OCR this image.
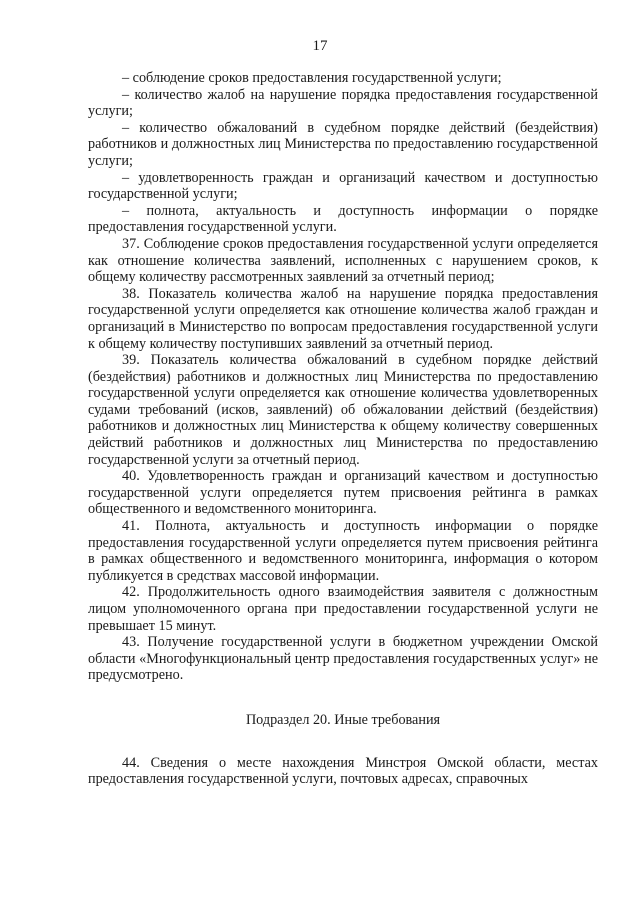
17

– соблюдение сроков предоставления государственной услуги;

– количество жалоб на нарушение порядка предоставления государственной услуги;

– количество обжалований в судебном порядке действий (бездействия) работников и должностных лиц Министерства по предоставлению государственной услуги;

– удовлетворенность граждан и организаций качеством и доступностью государственной услуги;

– полнота, актуальность и доступность информации о порядке предоставления государственной услуги.

37. Соблюдение сроков предоставления государственной услуги определяется как отношение количества заявлений, исполненных с нарушением сроков, к общему количеству рассмотренных заявлений за отчетный период;

38. Показатель количества жалоб на нарушение порядка предоставления государственной услуги определяется как отношение количества жалоб граждан и организаций в Министерство по вопросам предоставления государственной услуги к общему количеству поступивших заявлений за отчетный период.

39. Показатель количества обжалований в судебном порядке действий (бездействия) работников и должностных лиц Министерства по предоставлению государственной услуги определяется как отношение количества удовлетворенных судами требований (исков, заявлений) об обжаловании действий (бездействия) работников и должностных лиц Министерства к общему количеству совершенных действий работников и должностных лиц Министерства по предоставлению государственной услуги за отчетный период.

40. Удовлетворенность граждан и организаций качеством и доступностью государственной услуги определяется путем присвоения рейтинга в рамках общественного и ведомственного мониторинга.

41. Полнота, актуальность и доступность информации о порядке предоставления государственной услуги определяется путем присвоения рейтинга в рамках общественного и ведомственного мониторинга, информация о котором публикуется в средствах массовой информации.

42. Продолжительность одного взаимодействия заявителя с должностным лицом уполномоченного органа при предоставлении государственной услуги не превышает 15 минут.

43. Получение государственной услуги в бюджетном учреждении Омской области «Многофункциональный центр предоставления государственных услуг» не предусмотрено.

Подраздел 20. Иные требования

44. Сведения о месте нахождения Минстроя Омской области, местах предоставления государственной услуги, почтовых адресах, справочных
